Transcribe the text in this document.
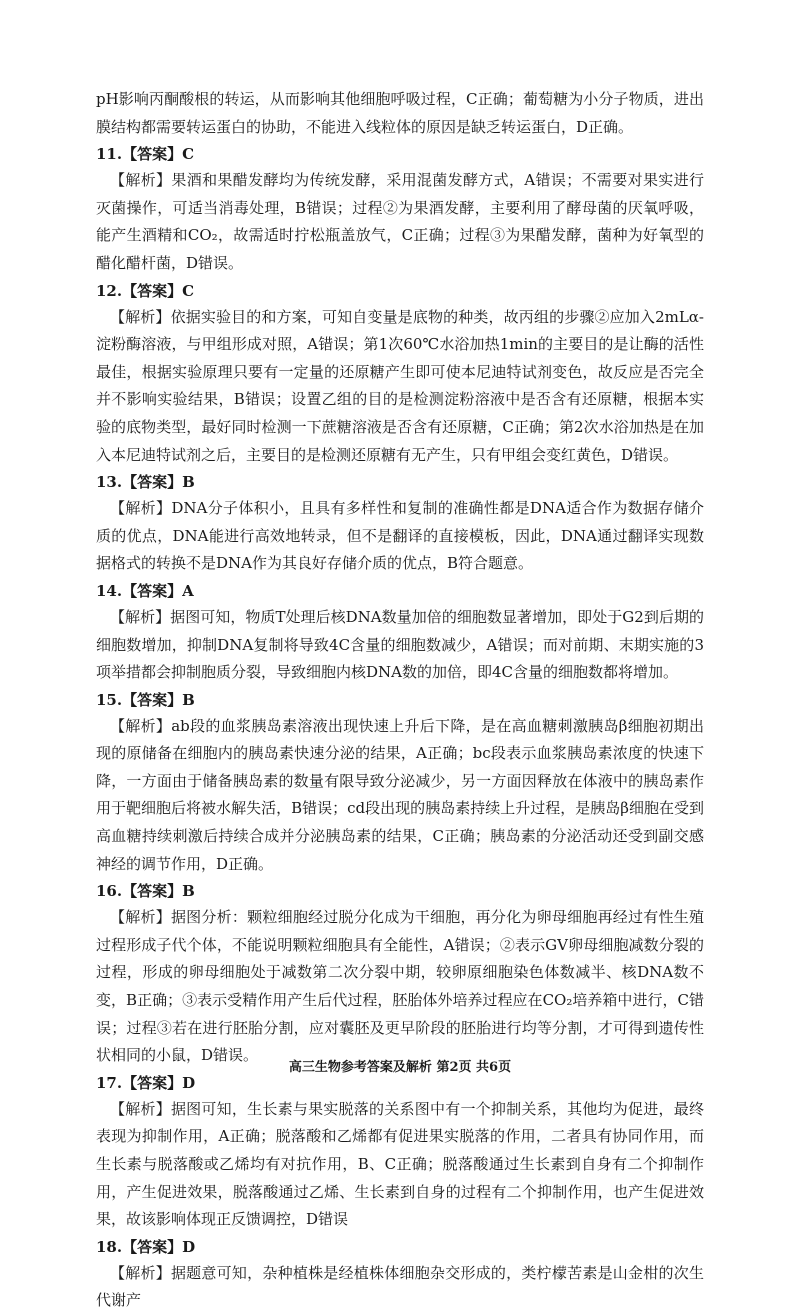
pH影响丙酮酸根的转运，从而影响其他细胞呼吸过程，C正确；葡萄糖为小分子物质，进出膜结构都需要转运蛋白的协助，不能进入线粒体的原因是缺乏转运蛋白，D正确。

11.【答案】C

【解析】果酒和果醋发酵均为传统发酵，采用混菌发酵方式，A错误；不需要对果实进行灭菌操作，可适当消毒处理，B错误；过程②为果酒发酵，主要利用了酵母菌的厌氧呼吸，能产生酒精和CO₂，故需适时拧松瓶盖放气，C正确；过程③为果醋发酵，菌种为好氧型的醋化醋杆菌，D错误。

12.【答案】C

【解析】依据实验目的和方案，可知自变量是底物的种类，故丙组的步骤②应加入2mLα-淀粉酶溶液，与甲组形成对照，A错误；第1次60℃水浴加热1min的主要目的是让酶的活性最佳，根据实验原理只要有一定量的还原糖产生即可使本尼迪特试剂变色，故反应是否完全并不影响实验结果，B错误；设置乙组的目的是检测淀粉溶液中是否含有还原糖，根据本实验的底物类型，最好同时检测一下蔗糖溶液是否含有还原糖，C正确；第2次水浴加热是在加入本尼迪特试剂之后，主要目的是检测还原糖有无产生，只有甲组会变红黄色，D错误。

13.【答案】B

【解析】DNA分子体积小，且具有多样性和复制的准确性都是DNA适合作为数据存储介质的优点，DNA能进行高效地转录，但不是翻译的直接模板，因此，DNA通过翻译实现数据格式的转换不是DNA作为其良好存储介质的优点，B符合题意。

14.【答案】A

【解析】据图可知，物质T处理后核DNA数量加倍的细胞数显著增加，即处于G2到后期的细胞数增加，抑制DNA复制将导致4C含量的细胞数减少，A错误；而对前期、末期实施的3项举措都会抑制胞质分裂，导致细胞内核DNA数的加倍，即4C含量的细胞数都将增加。

15.【答案】B

【解析】ab段的血浆胰岛素溶液出现快速上升后下降，是在高血糖刺激胰岛β细胞初期出现的原储备在细胞内的胰岛素快速分泌的结果，A正确；bc段表示血浆胰岛素浓度的快速下降，一方面由于储备胰岛素的数量有限导致分泌减少，另一方面因释放在体液中的胰岛素作用于靶细胞后将被水解失活，B错误；cd段出现的胰岛素持续上升过程，是胰岛β细胞在受到高血糖持续刺激后持续合成并分泌胰岛素的结果，C正确；胰岛素的分泌活动还受到副交感神经的调节作用，D正确。

16.【答案】B

【解析】据图分析：颗粒细胞经过脱分化成为干细胞，再分化为卵母细胞再经过有性生殖过程形成子代个体，不能说明颗粒细胞具有全能性，A错误；②表示GV卵母细胞减数分裂的过程，形成的卵母细胞处于减数第二次分裂中期，较卵原细胞染色体数减半、核DNA数不变，B正确；③表示受精作用产生后代过程，胚胎体外培养过程应在CO₂培养箱中进行，C错误；过程③若在进行胚胎分割，应对囊胚及更早阶段的胚胎进行均等分割，才可得到遗传性状相同的小鼠，D错误。

17.【答案】D

【解析】据图可知，生长素与果实脱落的关系图中有一个抑制关系，其他均为促进，最终表现为抑制作用，A正确；脱落酸和乙烯都有促进果实脱落的作用，二者具有协同作用，而生长素与脱落酸或乙烯均有对抗作用，B、C正确；脱落酸通过生长素到自身有二个抑制作用，产生促进效果，脱落酸通过乙烯、生长素到自身的过程有二个抑制作用，也产生促进效果，故该影响体现正反馈调控，D错误

18.【答案】D

【解析】据题意可知，杂种植株是经植株体细胞杂交形成的，类柠檬苦素是山金柑的次生代谢产

高三生物参考答案及解析 第2页 共6页
